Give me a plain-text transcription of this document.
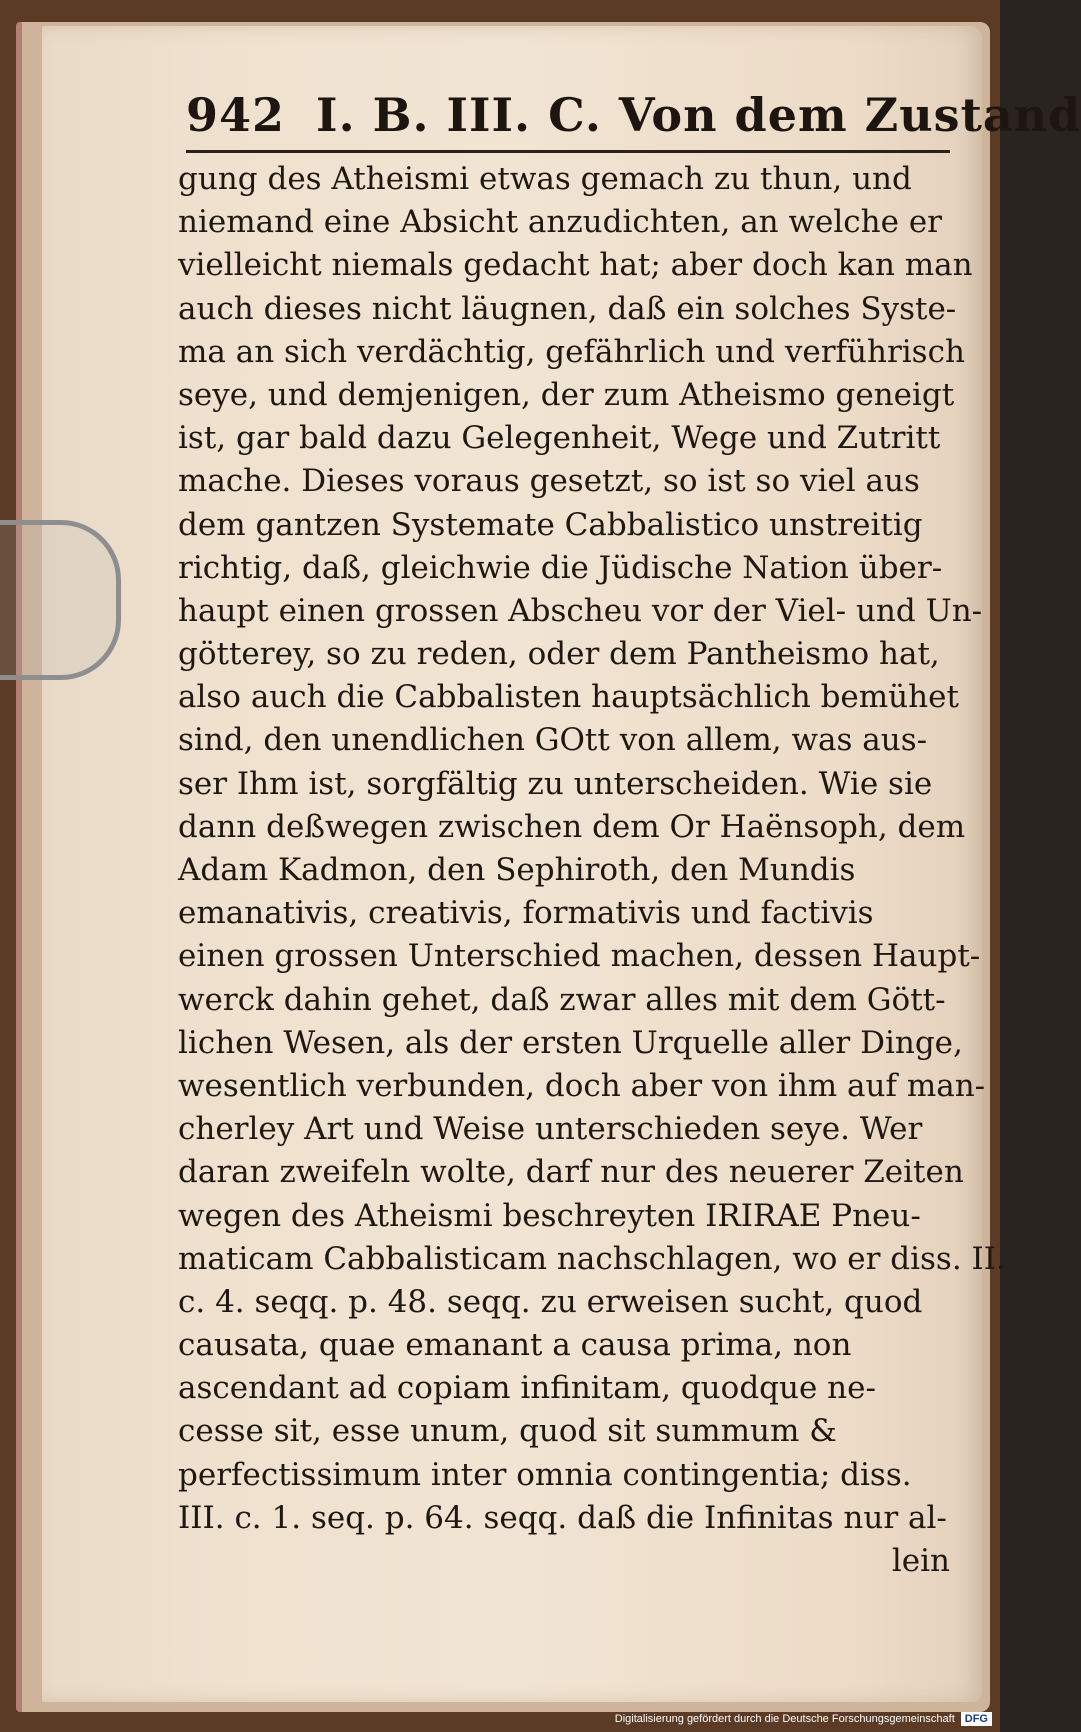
942 I. B. III. C. Von dem Zustand
gung des Atheismi etwas gemach zu thun, und
niemand eine Absicht anzudichten, an welche er
vielleicht niemals gedacht hat; aber doch kan man
auch dieses nicht läugnen, daß ein solches Syste-
ma an sich verdächtig, gefährlich und verführisch
seye, und demjenigen, der zum Atheismo geneigt
ist, gar bald dazu Gelegenheit, Wege und Zutritt
mache. Dieses voraus gesetzt, so ist so viel aus
dem gantzen Systemate Cabbalistico unstreitig
richtig, daß, gleichwie die Jüdische Nation über-
haupt einen grossen Abscheu vor der Viel- und Un-
götterey, so zu reden, oder dem Pantheismo hat,
also auch die Cabbalisten hauptsächlich bemühet
sind, den unendlichen GOtt von allem, was aus-
ser Ihm ist, sorgfältig zu unterscheiden. Wie sie
dann deßwegen zwischen dem Or Haënsoph, dem
Adam Kadmon, den Sephiroth, den Mundis
emanativis, creativis, formativis und factivis
einen grossen Unterschied machen, dessen Haupt-
werck dahin gehet, daß zwar alles mit dem Gött-
lichen Wesen, als der ersten Urquelle aller Dinge,
wesentlich verbunden, doch aber von ihm auf man-
cherley Art und Weise unterschieden seye. Wer
daran zweifeln wolte, darf nur des neuerer Zeiten
wegen des Atheismi beschreyten IRIRAE Pneu-
maticam Cabbalisticam nachschlagen, wo er diss. II.
c. 4. seqq. p. 48. seqq. zu erweisen sucht, quod
causata, quae emanant a causa prima, non
ascendant ad copiam infinitam, quodque ne-
cesse sit, esse unum, quod sit summum &
perfectissimum inter omnia contingentia; diss.
III. c. 1. seq. p. 64. seqq. daß die Infinitas nur al-
lein
Digitalisierung gefördert durch die Deutsche Forschungsgemeinschaft DFG
